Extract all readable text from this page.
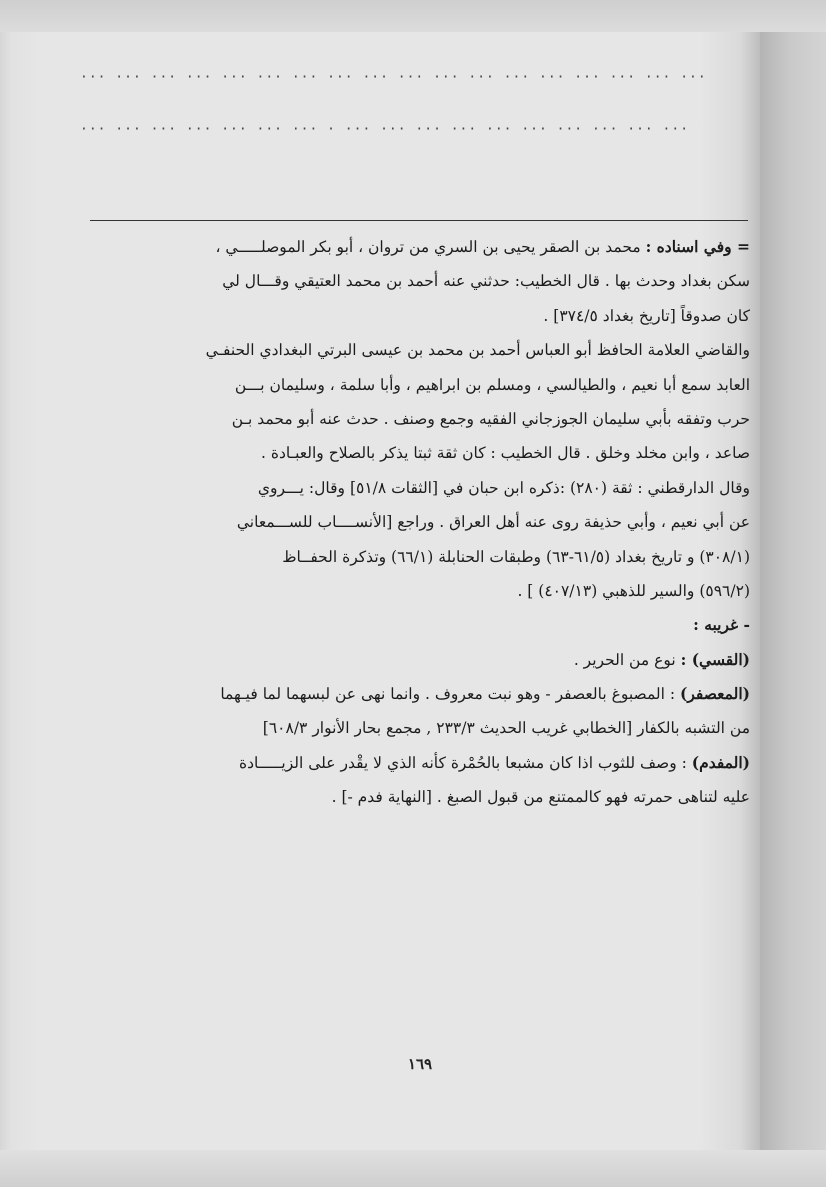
··· ··· ··· ··· ··· ··· ··· ··· ··· ··· ··· ··· ··· ··· ··· ··· ··· ···
··· ··· ··· ··· ··· ··· ··· · ··· ··· ··· ··· ··· ··· ··· ··· ··· ···
= وفي اسناده : محمد بن الصقر يحيى بن السري من تروان ، أبو بكر الموصلـــــي ،
سكن بغداد وحدث بها . قال الخطيب: حدثني عنه أحمد بن محمد العتيقي وقـــال لي
كان صدوقاً [تاريخ بغداد ٣٧٤/٥] .
والقاضي العلامة الحافظ أبو العباس أحمد بن محمد بن عيسى البرتي البغدادي الحنفـي
العابد سمع أبا نعيم ، والطيالسي ، ومسلم بن ابراهيم ، وأبا سلمة ، وسليمان بـــن
حرب وتفقه بأبي سليمان الجوزجاني الفقيه وجمع وصنف . حدث عنه أبو محمد بـن
صاعد ، وابن مخلد وخلق . قال الخطيب : كان ثقة ثبتا يذكر بالصلاح والعبـادة .
وقال الدارقطني : ثقة (٢٨٠) :ذكره ابن حبان في [الثقات ٥١/٨] وقال: يـــروي
عن أبي نعيم ، وأبي حذيفة روى عنه أهل العراق . وراجع [الأنســــاب للســـمعاني
(٣٠٨/١) و تاريخ بغداد (٦١/٥-٦٣) وطبقات الحنابلة (٦٦/١) وتذكرة الحفــاظ
(٥٩٦/٢) والسير للذهبي (٤٠٧/١٣) ] .
- غريبه :
(القسي) : نوع من الحرير .
(المعصفر) : المصبوغ بالعصفر - وهو نبت معروف . وانما نهى عن لبسهما لما فيـهما
من التشبه بالكفار [الخطابي غريب الحديث ٢٣٣/٣ , مجمع بحار الأنوار ٦٠٨/٣]
(المفدم) : وصف للثوب اذا كان مشبعا بالحُمْرة كأنه الذي لا يقْدر على الزيـــــادة
عليه لتناهى حمرته فهو كالممتنع من قبول الصبغ . [النهاية فدم -] .
١٦٩
